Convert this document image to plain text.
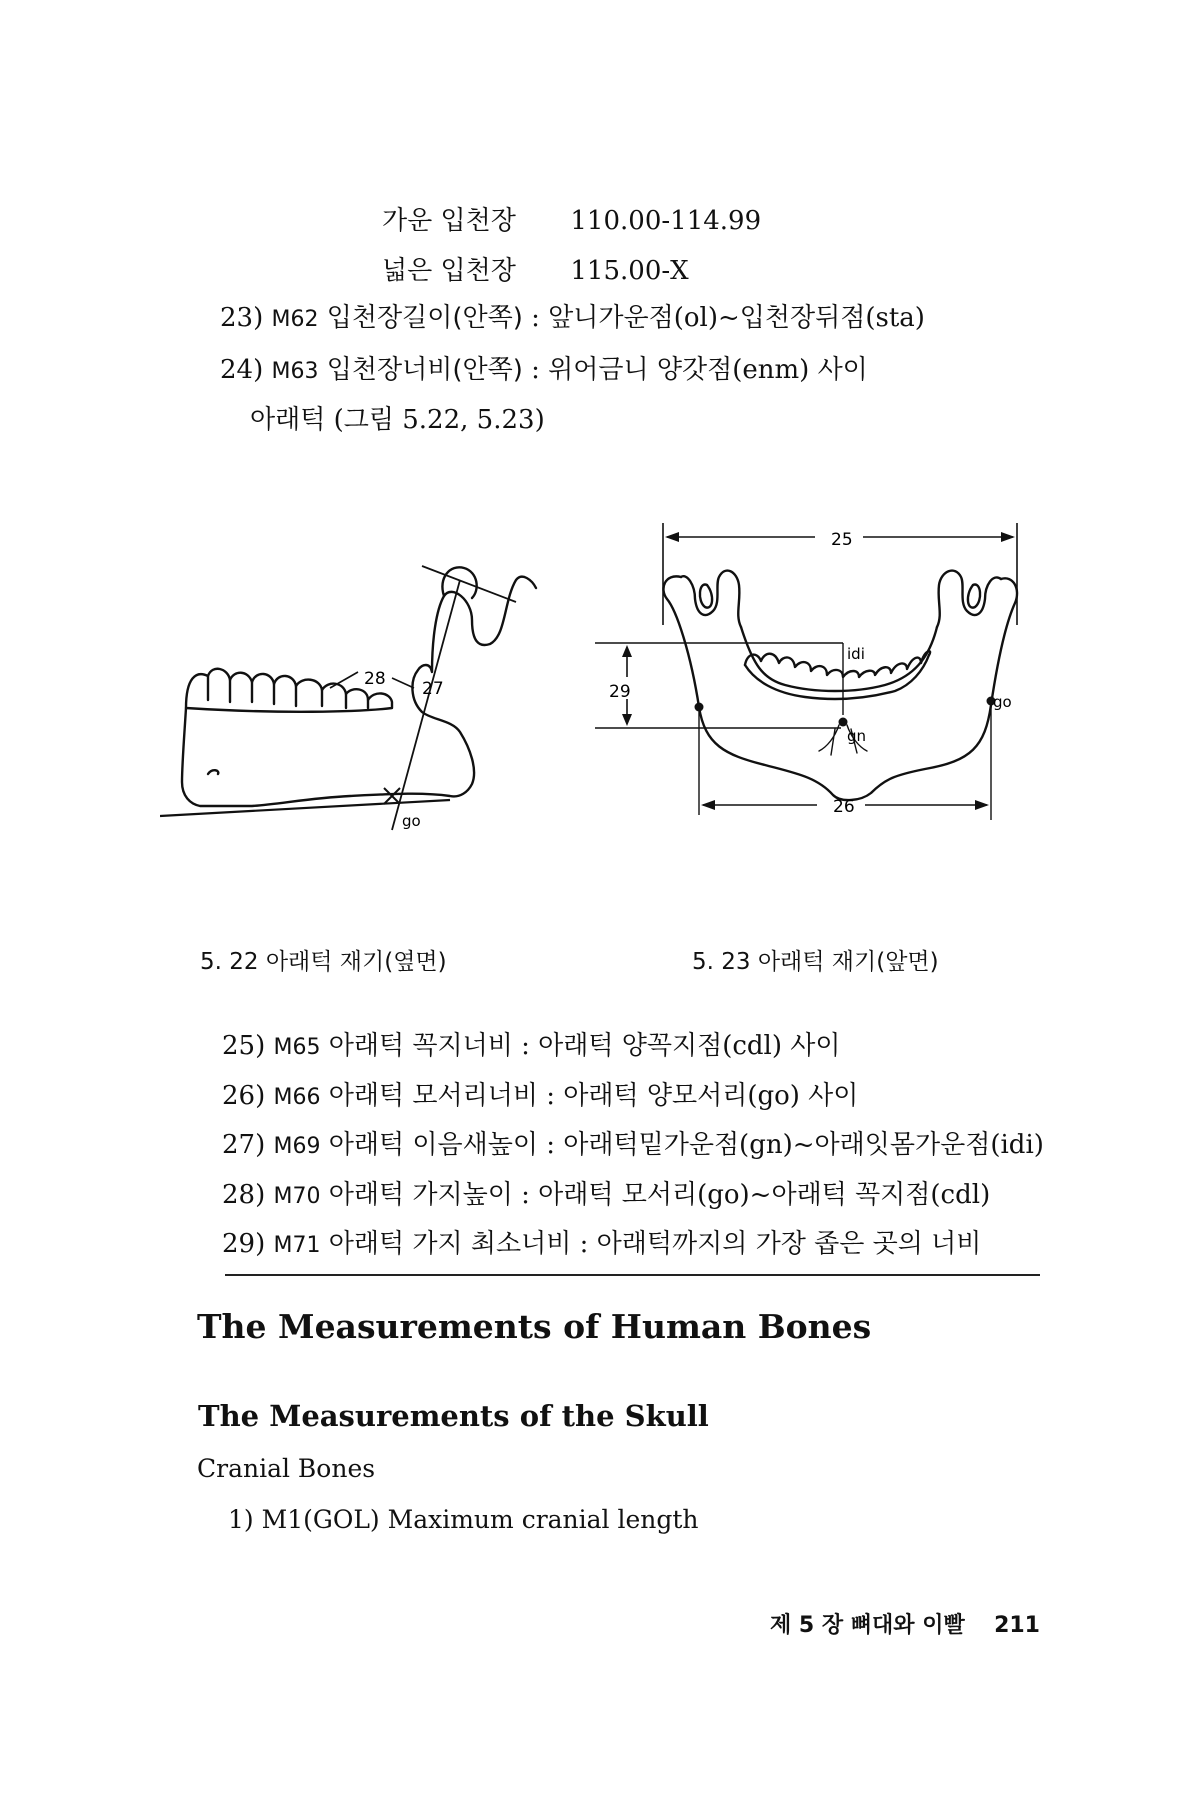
가운 입천장 110.00-114.99
넓은 입천장 115.00-X
23) M62 입천장길이(안쪽) : 앞니가운점(ol)~입천장뒤점(sta)
24) M63 입천장너비(안쪽) : 위어금니 양갓점(enm) 사이
아래턱 (그림 5.22, 5.23)
28 27
go
5. 22 아래턱 재기(옆면)
25
29	go
gn
idi
26
5. 23 아래턱 재기(앞면)
25) M65 아래턱 꼭지너비 : 아래턱 양꼭지점(cdl) 사이
26) M66 아래턱 모서리너비 : 아래턱 양모서리(go) 사이
27) M69 아래턱 이음새높이 : 아래턱밑가운점(gn)~아래잇몸가운점(idi)
28) M70 아래턱 가지높이 : 아래턱 모서리(go)~아래턱 꼭지점(cdl)
29) M71 아래턱 가지 최소너비 : 아래턱까지의 가장 좁은 곳의 너비
The Measurements of Human Bones
The Measurements of the Skull
Cranial Bones
1) M1(GOL) Maximum cranial length
제 5 장 뼈대와 이빨 211
